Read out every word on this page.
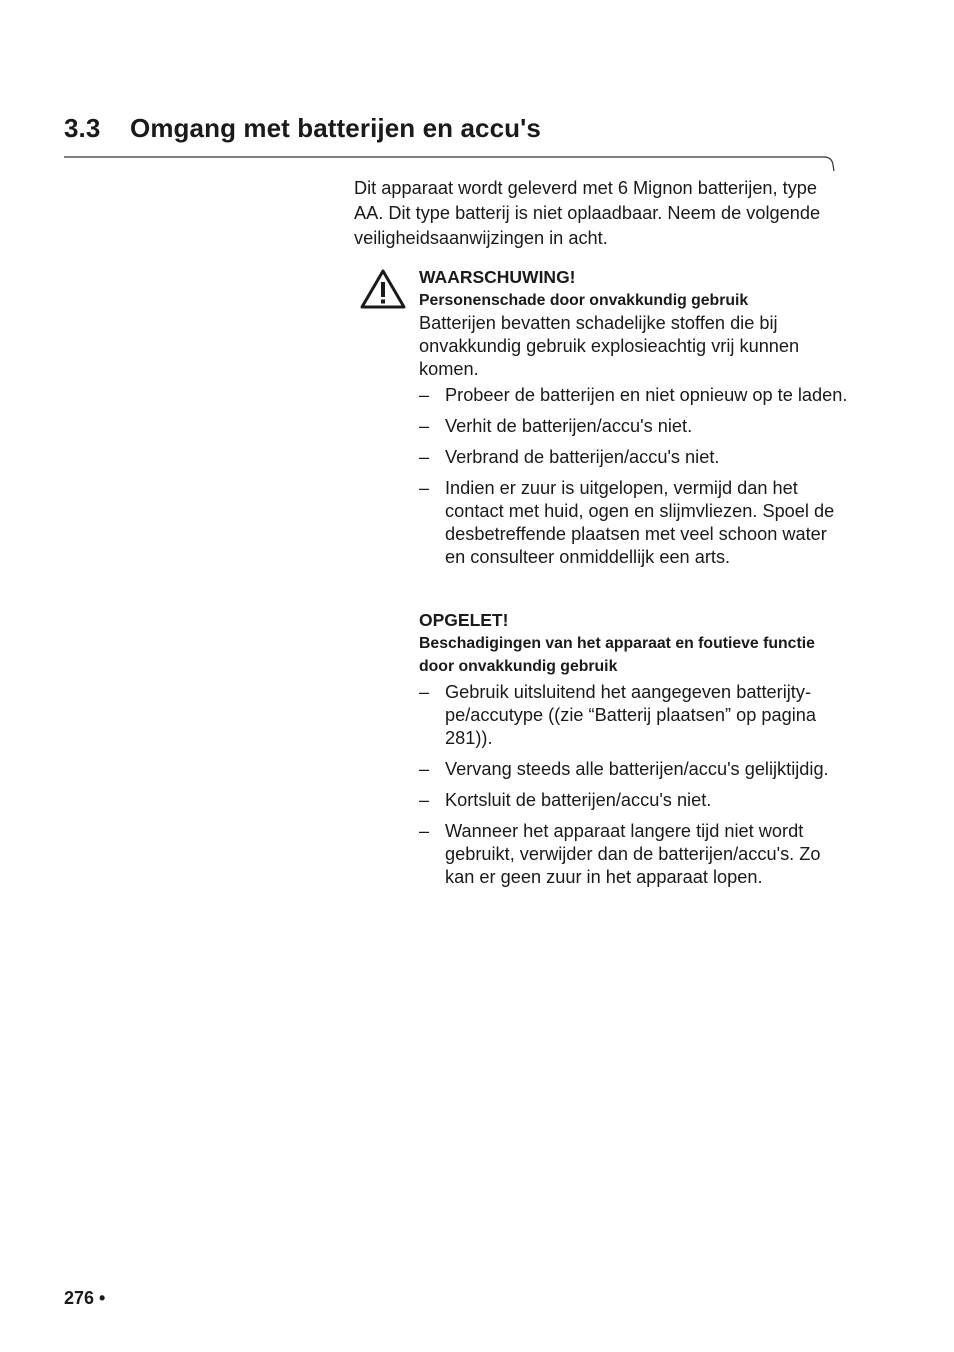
3.3 Omgang met batterijen en accu's

Dit apparaat wordt geleverd met 6 Mignon batterijen, type AA. Dit type batterij is niet oplaadbaar. Neem de volgende veiligheidsaanwijzingen in acht.

WAARSCHUWING!

Personenschade door onvakkundig gebruik

Batterijen bevatten schadelijke stoffen die bij onvakkundig gebruik explosieachtig vrij kunnen komen.

– Probeer de batterijen en niet opnieuw op te laden.
– Verhit de batterijen/accu's niet.
– Verbrand de batterijen/accu's niet.
– Indien er zuur is uitgelopen, vermijd dan het contact met huid, ogen en slijmvliezen. Spoel de desbetreffende plaatsen met veel schoon water en consulteer onmiddellijk een arts.

OPGELET!

Beschadigingen van het apparaat en foutieve functie door onvakkundig gebruik

– Gebruik uitsluitend het aangegeven batterijtype/accutype ((zie “Batterij plaatsen” op pagina 281)).
– Vervang steeds alle batterijen/accu's gelijktijdig.
– Kortsluit de batterijen/accu's niet.
– Wanneer het apparaat langere tijd niet wordt gebruikt, verwijder dan de batterijen/accu's. Zo kan er geen zuur in het apparaat lopen.
276 •
